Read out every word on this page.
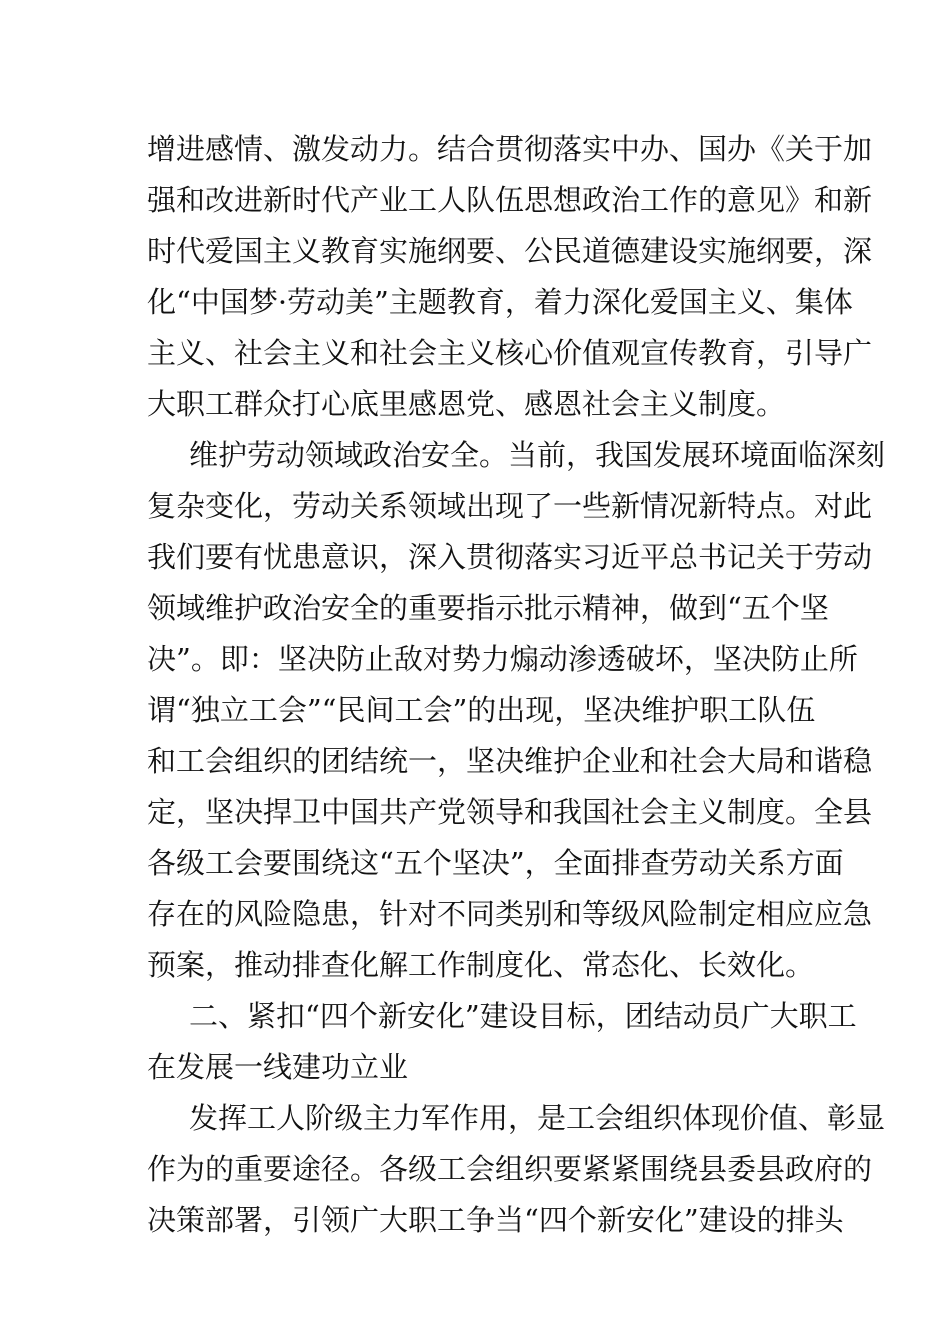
增进感情、激发动力。结合贯彻落实中办、国办《关于加
强和改进新时代产业工人队伍思想政治工作的意见》和新
时代爱国主义教育实施纲要、公民道德建设实施纲要，深
化“中国梦·劳动美”主题教育，着力深化爱国主义、集体
主义、社会主义和社会主义核心价值观宣传教育，引导广
大职工群众打心底里感恩党、感恩社会主义制度。
维护劳动领域政治安全。当前，我国发展环境面临深刻
复杂变化，劳动关系领域出现了一些新情况新特点。对此
我们要有忧患意识，深入贯彻落实习近平总书记关于劳动
领域维护政治安全的重要指示批示精神，做到“五个坚
决”。即：坚决防止敌对势力煽动渗透破坏，坚决防止所
谓“独立工会”“民间工会”的出现，坚决维护职工队伍
和工会组织的团结统一，坚决维护企业和社会大局和谐稳
定，坚决捍卫中国共产党领导和我国社会主义制度。全县
各级工会要围绕这“五个坚决”，全面排查劳动关系方面
存在的风险隐患，针对不同类别和等级风险制定相应应急
预案，推动排查化解工作制度化、常态化、长效化。
二、紧扣“四个新安化”建设目标，团结动员广大职工
在发展一线建功立业
发挥工人阶级主力军作用，是工会组织体现价值、彰显
作为的重要途径。各级工会组织要紧紧围绕县委县政府的
决策部署，引领广大职工争当“四个新安化”建设的排头
